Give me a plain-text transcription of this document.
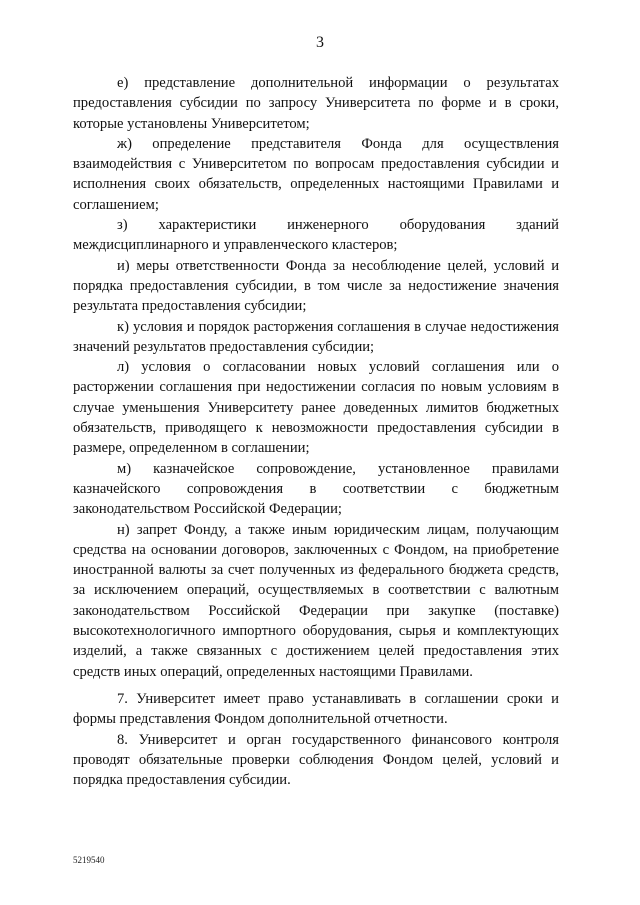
3

е) представление дополнительной информации о результатах предоставления субсидии по запросу Университета по форме и в сроки, которые установлены Университетом;

ж) определение представителя Фонда для осуществления взаимодействия с Университетом по вопросам предоставления субсидии и исполнения своих обязательств, определенных настоящими Правилами и соглашением;

з) характеристики инженерного оборудования зданий междисциплинарного и управленческого кластеров;

и) меры ответственности Фонда за несоблюдение целей, условий и порядка предоставления субсидии, в том числе за недостижение значения результата предоставления субсидии;

к) условия и порядок расторжения соглашения в случае недостижения значений результатов предоставления субсидии;

л) условия о согласовании новых условий соглашения или о расторжении соглашения при недостижении согласия по новым условиям в случае уменьшения Университету ранее доведенных лимитов бюджетных обязательств, приводящего к невозможности предоставления субсидии в размере, определенном в соглашении;

м) казначейское сопровождение, установленное правилами казначейского сопровождения в соответствии с бюджетным законодательством Российской Федерации;

н) запрет Фонду, а также иным юридическим лицам, получающим средства на основании договоров, заключенных с Фондом, на приобретение иностранной валюты за счет полученных из федерального бюджета средств, за исключением операций, осуществляемых в соответствии с валютным законодательством Российской Федерации при закупке (поставке) высокотехнологичного импортного оборудования, сырья и комплектующих изделий, а также связанных с достижением целей предоставления этих средств иных операций, определенных настоящими Правилами.

7. Университет имеет право устанавливать в соглашении сроки и формы представления Фондом дополнительной отчетности.

8. Университет и орган государственного финансового контроля проводят обязательные проверки соблюдения Фондом целей, условий и порядка предоставления субсидии.

5219540
